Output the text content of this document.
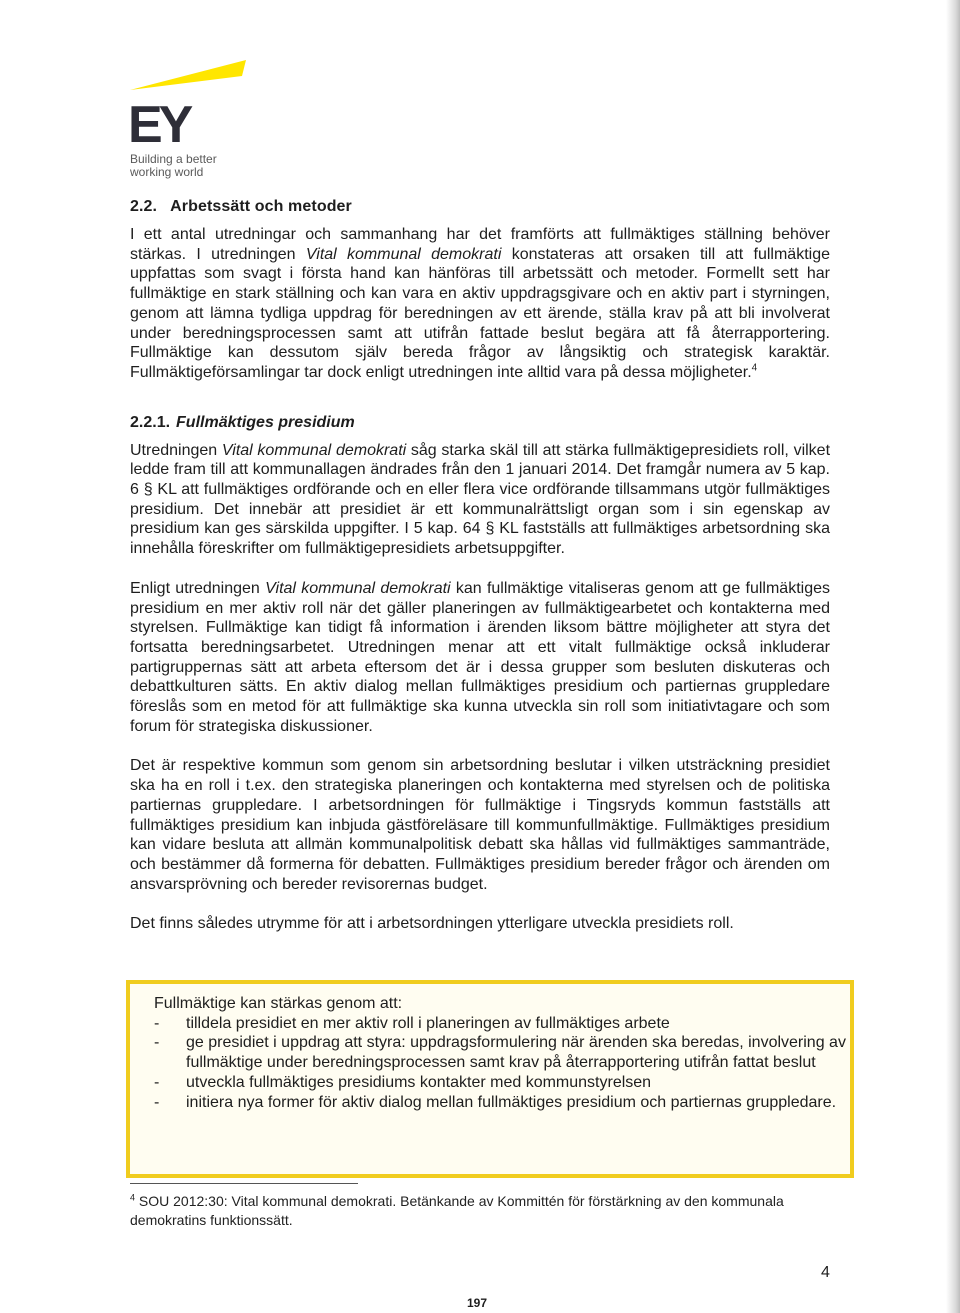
EY
Building a better
working world
2.2. Arbetssätt och metoder

I ett antal utredningar och sammanhang har det framförts att fullmäktiges ställning behöver stärkas. I utredningen Vital kommunal demokrati konstateras att orsaken till att fullmäktige uppfattas som svagt i första hand kan hänföras till arbetssätt och metoder. Formellt sett har fullmäktige en stark ställning och kan vara en aktiv uppdragsgivare och en aktiv part i styrningen, genom att lämna tydliga uppdrag för beredningen av ett ärende, ställa krav på att bli involverat under beredningsprocessen samt att utifrån fattade beslut begära att få återrapportering. Fullmäktige kan dessutom själv bereda frågor av långsiktig och strategisk karaktär. Fullmäktigeförsamlingar tar dock enligt utredningen inte alltid vara på dessa möjligheter.$^4$

2.2.1. Fullmäktiges presidium

Utredningen Vital kommunal demokrati såg starka skäl till att stärka fullmäktigepresidiets roll, vilket ledde fram till att kommunallagen ändrades från den 1 januari 2014. Det framgår numera av 5 kap. 6 § KL att fullmäktiges ordförande och en eller flera vice ordförande tillsammans utgör fullmäktiges presidium. Det innebär att presidiet är ett kommunalrättsligt organ som i sin egenskap av presidium kan ges särskilda uppgifter. I 5 kap. 64 § KL fastställs att fullmäktiges arbetsordning ska innehålla föreskrifter om fullmäktigepresidiets arbetsuppgifter.

Enligt utredningen Vital kommunal demokrati kan fullmäktige vitaliseras genom att ge fullmäktiges presidium en mer aktiv roll när det gäller planeringen av fullmäktigearbetet och kontakterna med styrelsen. Fullmäktige kan tidigt få information i ärenden liksom bättre möjligheter att styra det fortsatta beredningsarbetet. Utredningen menar att ett vitalt fullmäktige också inkluderar partigruppernas sätt att arbeta eftersom det är i dessa grupper som besluten diskuteras och debattkulturen sätts. En aktiv dialog mellan fullmäktiges presidium och partiernas gruppledare föreslås som en metod för att fullmäktige ska kunna utveckla sin roll som initiativtagare och som forum för strategiska diskussioner.

Det är respektive kommun som genom sin arbetsordning beslutar i vilken utsträckning presidiet ska ha en roll i t.ex. den strategiska planeringen och kontakterna med styrelsen och de politiska partiernas gruppledare. I arbetsordningen för fullmäktige i Tingsryds kommun fastställs att fullmäktiges presidium kan inbjuda gästföreläsare till kommunfullmäktige. Fullmäktiges presidium kan vidare besluta att allmän kommunalpolitisk debatt ska hållas vid fullmäktiges sammanträde, och bestämmer då formerna för debatten. Fullmäktiges presidium bereder frågor och ärenden om ansvarsprövning och bereder revisorernas budget.

Det finns således utrymme för att i arbetsordningen ytterligare utveckla presidiets roll.

Fullmäktige kan stärkas genom att:
- tilldela presidiet en mer aktiv roll i planeringen av fullmäktiges arbete
- ge presidiet i uppdrag att styra: uppdragsformulering när ärenden ska beredas, involvering av fullmäktige under beredningsprocessen samt krav på återrapportering utifrån fattat beslut
- utveckla fullmäktiges presidiums kontakter med kommunstyrelsen
- initiera nya former för aktiv dialog mellan fullmäktiges presidium och partiernas gruppledare.
$^4$ SOU 2012:30: Vital kommunal demokrati. Betänkande av Kommittén för förstärkning av den kommunala demokratins funktionssätt.
4
197
